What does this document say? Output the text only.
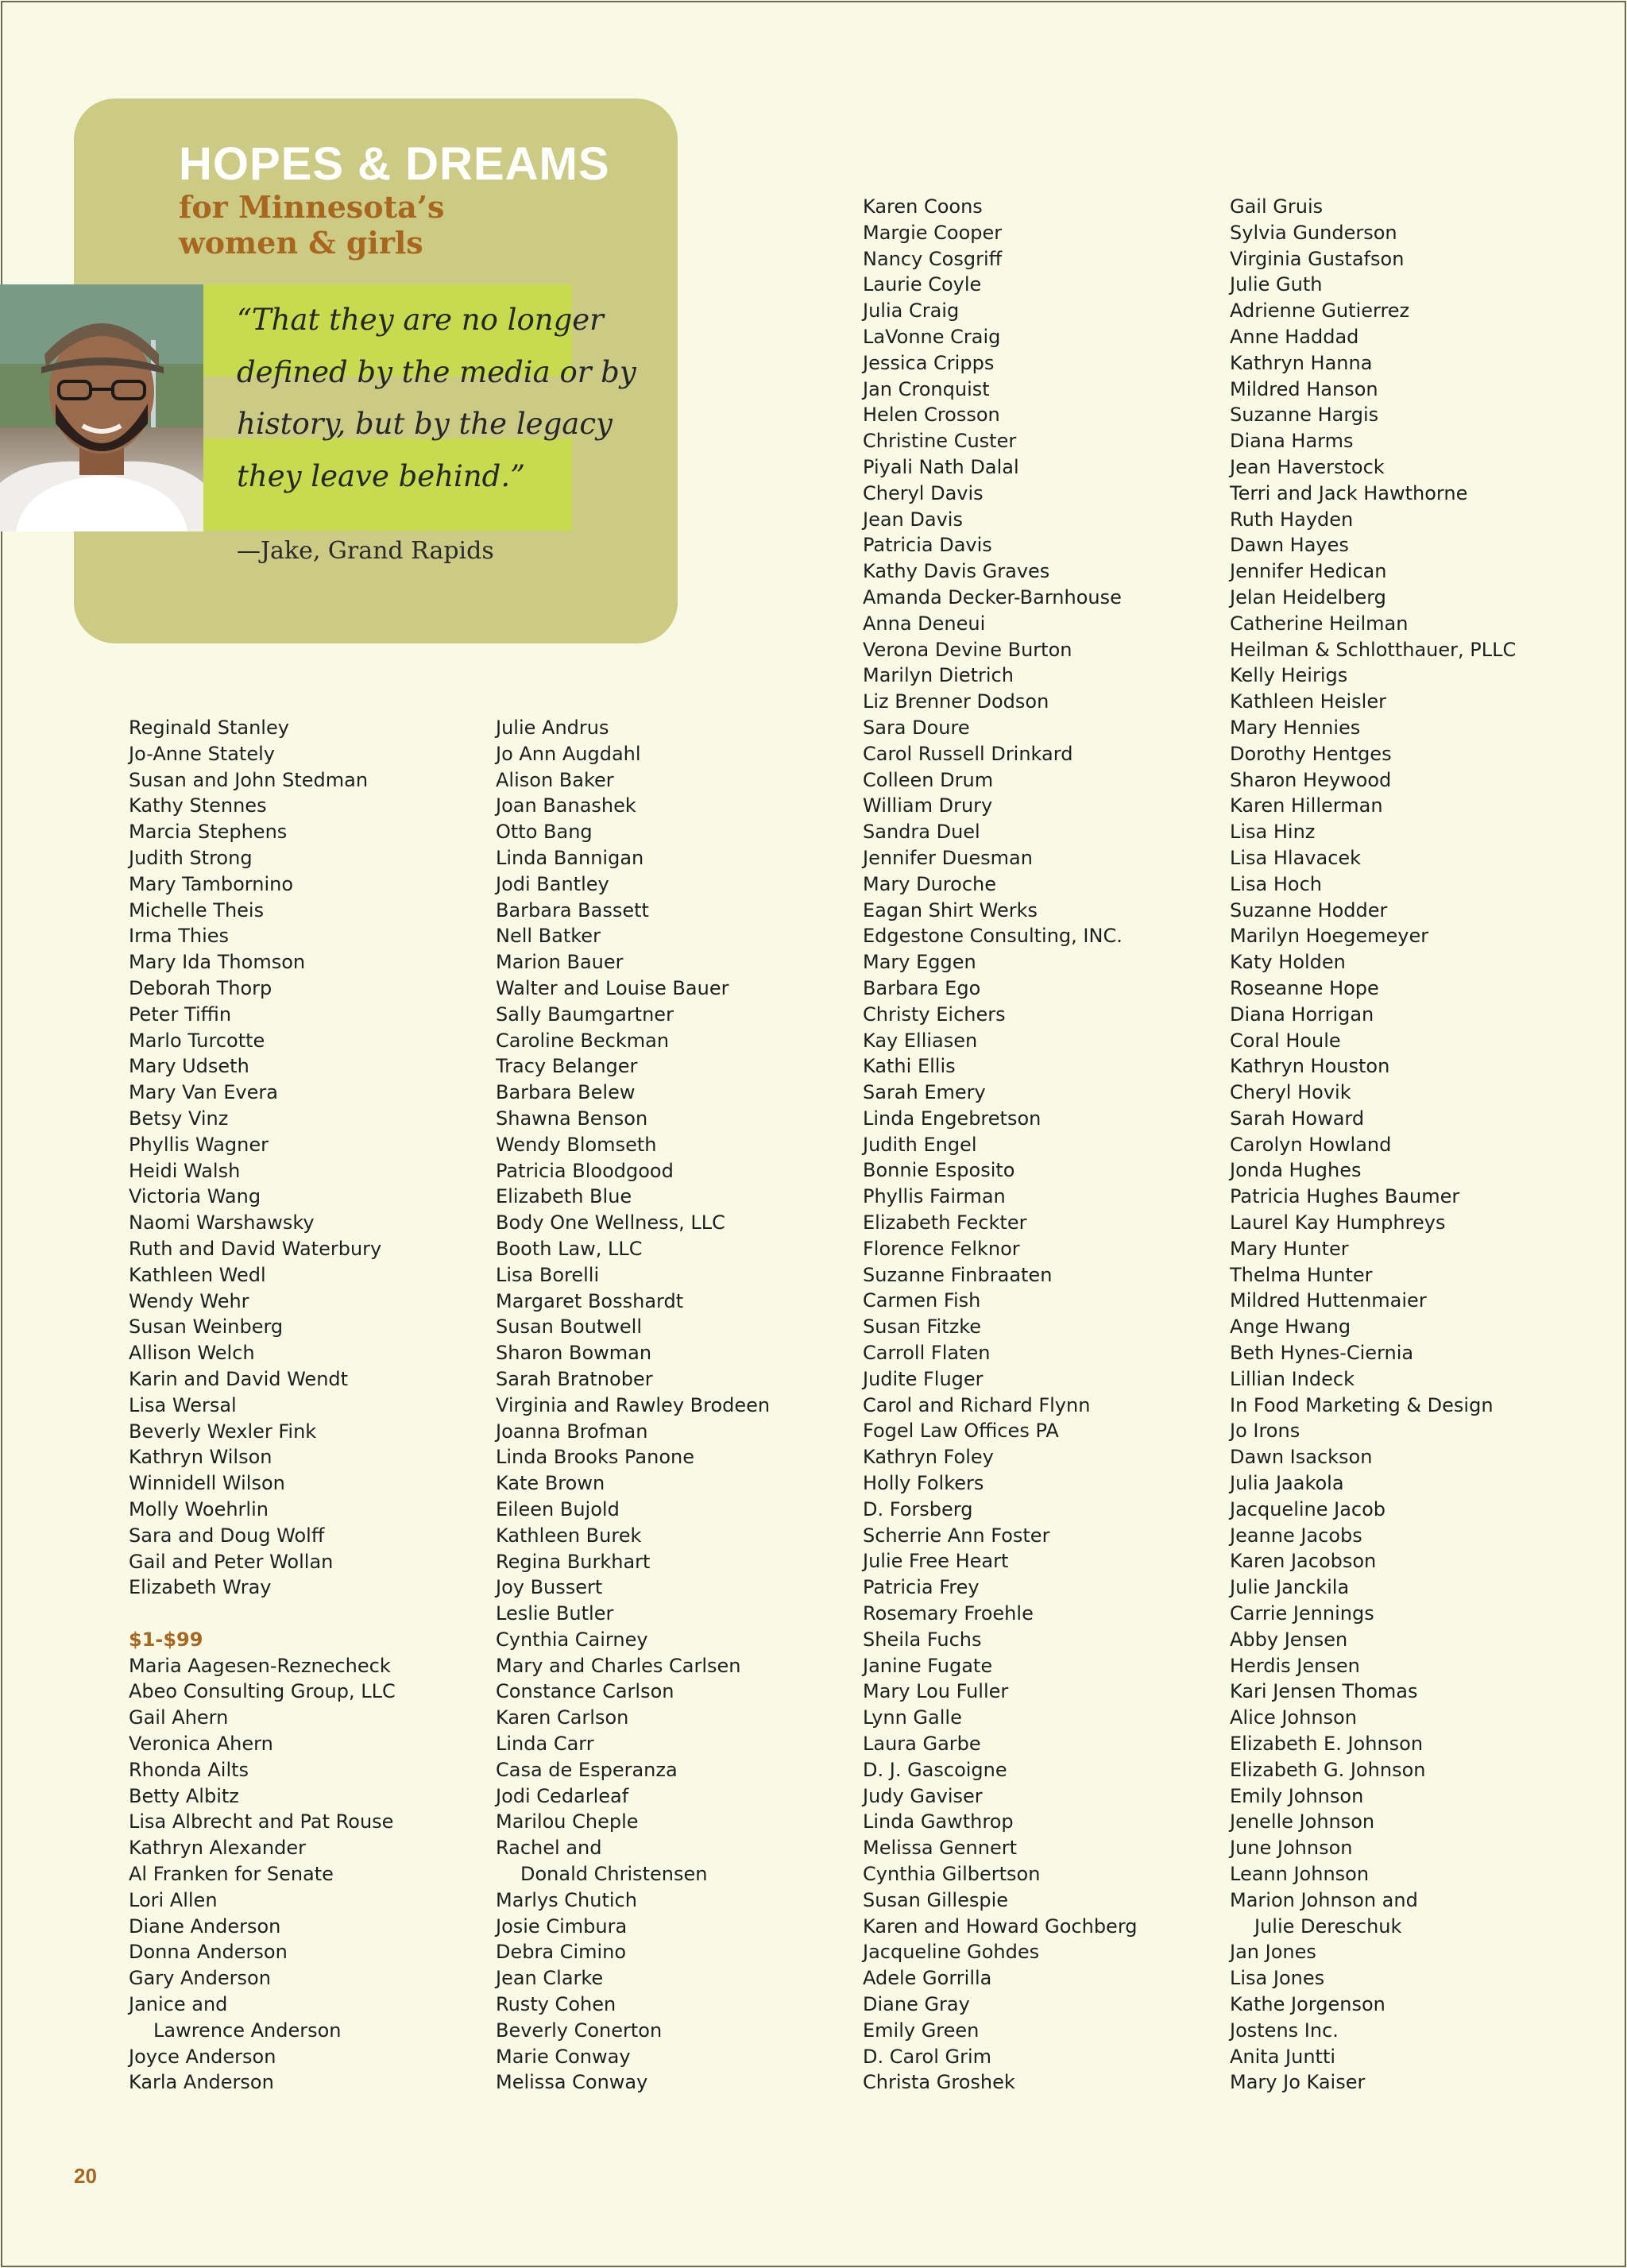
HOPES & DREAMS
for Minnesota’s
women & girls
“That they are no longer
defined by the media or by
history, but by the legacy
they leave behind.”
—Jake, Grand Rapids
Reginald Stanley
Jo-Anne Stately
Susan and John Stedman
Kathy Stennes
Marcia Stephens
Judith Strong
Mary Tambornino
Michelle Theis
Irma Thies
Mary Ida Thomson
Deborah Thorp
Peter Tiffin
Marlo Turcotte
Mary Udseth
Mary Van Evera
Betsy Vinz
Phyllis Wagner
Heidi Walsh
Victoria Wang
Naomi Warshawsky
Ruth and David Waterbury
Kathleen Wedl
Wendy Wehr
Susan Weinberg
Allison Welch
Karin and David Wendt
Lisa Wersal
Beverly Wexler Fink
Kathryn Wilson
Winnidell Wilson
Molly Woehrlin
Sara and Doug Wolff
Gail and Peter Wollan
Elizabeth Wray
$1-$99
Maria Aagesen-Reznecheck
Abeo Consulting Group, LLC
Gail Ahern
Veronica Ahern
Rhonda Ailts
Betty Albitz
Lisa Albrecht and Pat Rouse
Kathryn Alexander
Al Franken for Senate
Lori Allen
Diane Anderson
Donna Anderson
Gary Anderson
Janice and
Lawrence Anderson
Joyce Anderson
Karla Anderson
Julie Andrus
Jo Ann Augdahl
Alison Baker
Joan Banashek
Otto Bang
Linda Bannigan
Jodi Bantley
Barbara Bassett
Nell Batker
Marion Bauer
Walter and Louise Bauer
Sally Baumgartner
Caroline Beckman
Tracy Belanger
Barbara Belew
Shawna Benson
Wendy Blomseth
Patricia Bloodgood
Elizabeth Blue
Body One Wellness, LLC
Booth Law, LLC
Lisa Borelli
Margaret Bosshardt
Susan Boutwell
Sharon Bowman
Sarah Bratnober
Virginia and Rawley Brodeen
Joanna Brofman
Linda Brooks Panone
Kate Brown
Eileen Bujold
Kathleen Burek
Regina Burkhart
Joy Bussert
Leslie Butler
Cynthia Cairney
Mary and Charles Carlsen
Constance Carlson
Karen Carlson
Linda Carr
Casa de Esperanza
Jodi Cedarleaf
Marilou Cheple
Rachel and
Donald Christensen
Marlys Chutich
Josie Cimbura
Debra Cimino
Jean Clarke
Rusty Cohen
Beverly Conerton
Marie Conway
Melissa Conway
Karen Coons
Margie Cooper
Nancy Cosgriff
Laurie Coyle
Julia Craig
LaVonne Craig
Jessica Cripps
Jan Cronquist
Helen Crosson
Christine Custer
Piyali Nath Dalal
Cheryl Davis
Jean Davis
Patricia Davis
Kathy Davis Graves
Amanda Decker-Barnhouse
Anna Deneui
Verona Devine Burton
Marilyn Dietrich
Liz Brenner Dodson
Sara Doure
Carol Russell Drinkard
Colleen Drum
William Drury
Sandra Duel
Jennifer Duesman
Mary Duroche
Eagan Shirt Werks
Edgestone Consulting, INC.
Mary Eggen
Barbara Ego
Christy Eichers
Kay Elliasen
Kathi Ellis
Sarah Emery
Linda Engebretson
Judith Engel
Bonnie Esposito
Phyllis Fairman
Elizabeth Feckter
Florence Felknor
Suzanne Finbraaten
Carmen Fish
Susan Fitzke
Carroll Flaten
Judite Fluger
Carol and Richard Flynn
Fogel Law Offices PA
Kathryn Foley
Holly Folkers
D. Forsberg
Scherrie Ann Foster
Julie Free Heart
Patricia Frey
Rosemary Froehle
Sheila Fuchs
Janine Fugate
Mary Lou Fuller
Lynn Galle
Laura Garbe
D. J. Gascoigne
Judy Gaviser
Linda Gawthrop
Melissa Gennert
Cynthia Gilbertson
Susan Gillespie
Karen and Howard Gochberg
Jacqueline Gohdes
Adele Gorrilla
Diane Gray
Emily Green
D. Carol Grim
Christa Groshek
Gail Gruis
Sylvia Gunderson
Virginia Gustafson
Julie Guth
Adrienne Gutierrez
Anne Haddad
Kathryn Hanna
Mildred Hanson
Suzanne Hargis
Diana Harms
Jean Haverstock
Terri and Jack Hawthorne
Ruth Hayden
Dawn Hayes
Jennifer Hedican
Jelan Heidelberg
Catherine Heilman
Heilman & Schlotthauer, PLLC
Kelly Heirigs
Kathleen Heisler
Mary Hennies
Dorothy Hentges
Sharon Heywood
Karen Hillerman
Lisa Hinz
Lisa Hlavacek
Lisa Hoch
Suzanne Hodder
Marilyn Hoegemeyer
Katy Holden
Roseanne Hope
Diana Horrigan
Coral Houle
Kathryn Houston
Cheryl Hovik
Sarah Howard
Carolyn Howland
Jonda Hughes
Patricia Hughes Baumer
Laurel Kay Humphreys
Mary Hunter
Thelma Hunter
Mildred Huttenmaier
Ange Hwang
Beth Hynes-Ciernia
Lillian Indeck
In Food Marketing & Design
Jo Irons
Dawn Isackson
Julia Jaakola
Jacqueline Jacob
Jeanne Jacobs
Karen Jacobson
Julie Janckila
Carrie Jennings
Abby Jensen
Herdis Jensen
Kari Jensen Thomas
Alice Johnson
Elizabeth E. Johnson
Elizabeth G. Johnson
Emily Johnson
Jenelle Johnson
June Johnson
Leann Johnson
Marion Johnson and
Julie Dereschuk
Jan Jones
Lisa Jones
Kathe Jorgenson
Jostens Inc.
Anita Juntti
Mary Jo Kaiser
20
